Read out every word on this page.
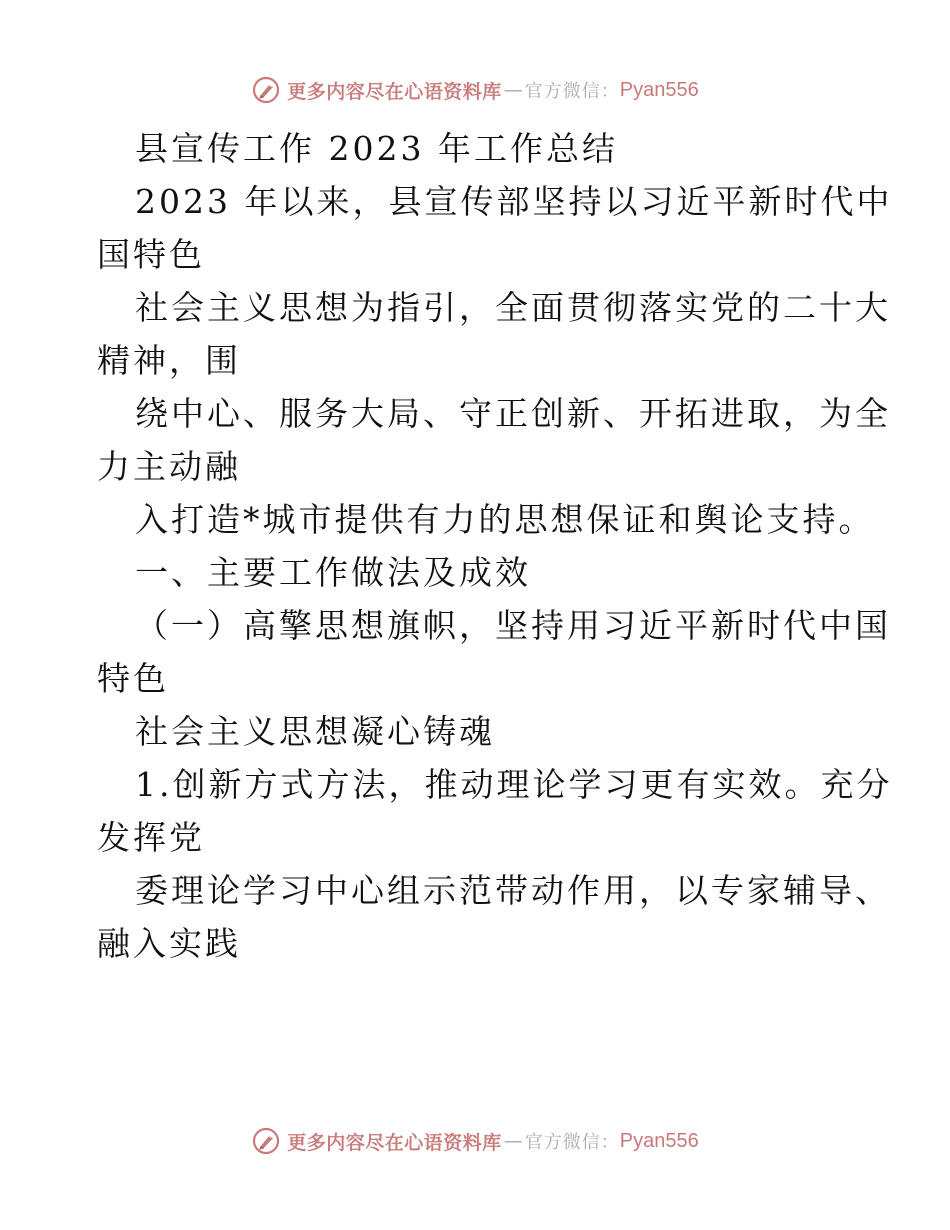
更多内容尽在心语资料库 — 官方微信： Pyan556
县宣传工作 2023 年工作总结
2023 年以来，县宣传部坚持以习近平新时代中
国特色
社会主义思想为指引，全面贯彻落实党的二十大
精神，围
绕中心、服务大局、守正创新、开拓进取，为全
力主动融
入打造*城市提供有力的思想保证和舆论支持。
一、主要工作做法及成效
（一）高擎思想旗帜，坚持用习近平新时代中国
特色
社会主义思想凝心铸魂
1.创新方式方法，推动理论学习更有实效。充分
发挥党
委理论学习中心组示范带动作用，以专家辅导、
融入实践
更多内容尽在心语资料库 — 官方微信： Pyan556
